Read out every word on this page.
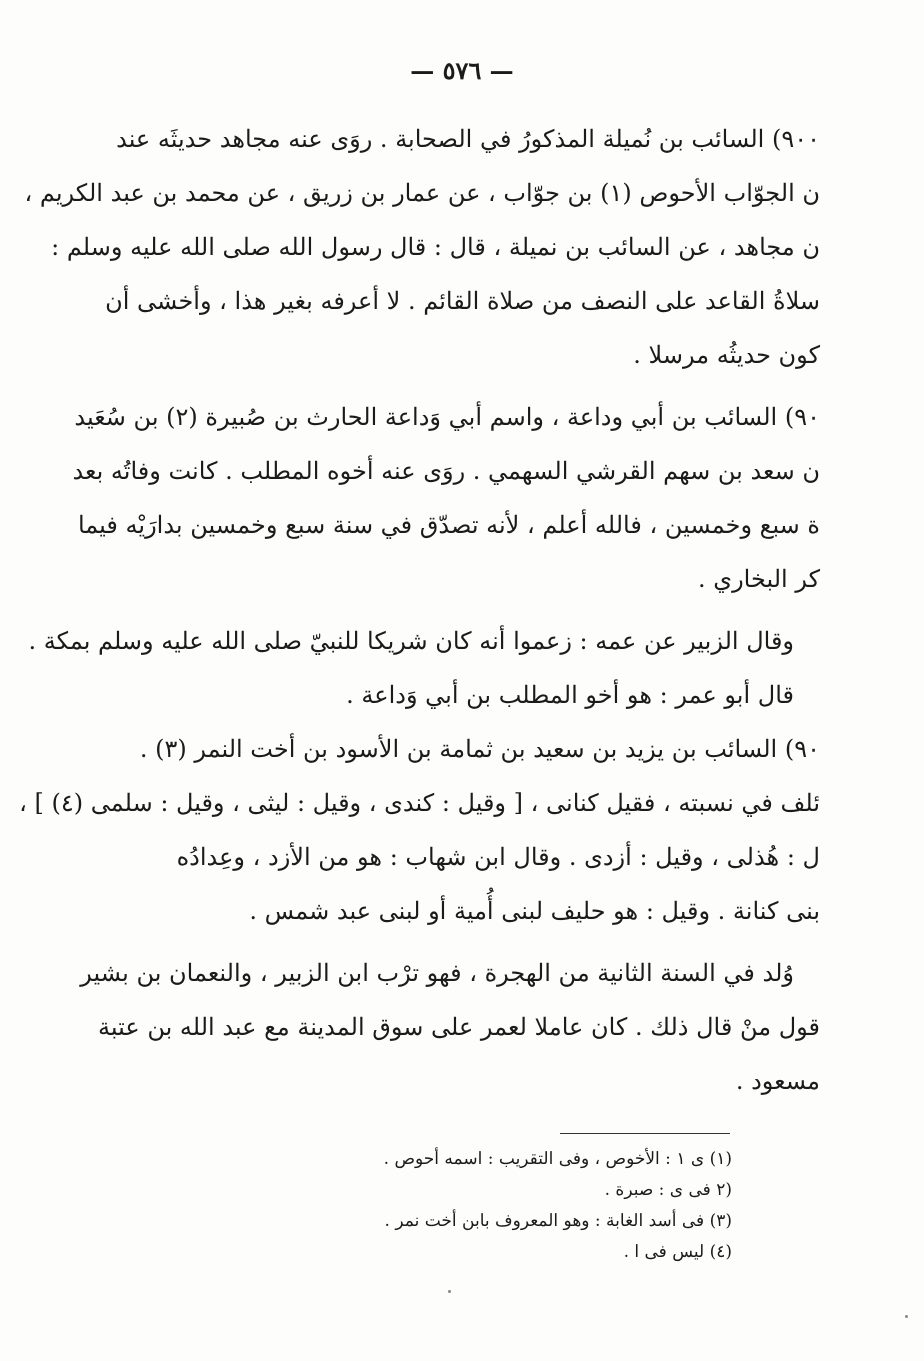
— ٥٧٦ —
٩٠٠) السائب بن نُميلة المذكورُ في الصحابة . روَى عنه مجاهد حديثَه عند
ن الجوّاب الأحوص (١) بن جوّاب ، عن عمار بن زريق ، عن محمد بن عبد الكريم ،
ن مجاهد ، عن السائب بن نميلة ، قال : قال رسول الله صلى الله عليه وسلم :
سلاةُ القاعد على النصف من صلاة القائم . لا أعرفه بغير هذا ، وأخشى أن
كون حديثُه مرسلا .
٩٠) السائب بن أبي وداعة ، واسم أبي وَداعة الحارث بن صُبيرة (٢) بن سُعَيد
ن سعد بن سهم القرشي السهمي . روَى عنه أخوه المطلب . كانت وفاتُه بعد
ة سبع وخمسين ، فالله أعلم ، لأنه تصدّق في سنة سبع وخمسين بدارَيْه فيما
كر البخاري .
وقال الزبير عن عمه : زعموا أنه كان شريكا للنبيّ صلى الله عليه وسلم بمكة .
قال أبو عمر : هو أخو المطلب بن أبي وَداعة .
٩٠) السائب بن يزيد بن سعيد بن ثمامة بن الأسود بن أخت النمر (٣) .
ئلف في نسبته ، فقيل كنانى ، [ وقيل : كندى ، وقيل : ليثى ، وقيل : سلمى (٤) ] ،
ل : هُذلى ، وقيل : أزدى . وقال ابن شهاب : هو من الأزد ، وعِدادُه
بنى كنانة . وقيل : هو حليف لبنى أُمية أو لبنى عبد شمس .
وُلد في السنة الثانية من الهجرة ، فهو ترْب ابن الزبير ، والنعمان بن بشير
قول منْ قال ذلك . كان عاملا لعمر على سوق المدينة مع عبد الله بن عتبة
مسعود .
(١) ى ١ : الأخوص ، وفى التقريب : اسمه أحوص .
(٢ فى ى : صبرة .
(٣) فى أسد الغابة : وهو المعروف بابن أخت نمر .
(٤) ليس فى ا .
